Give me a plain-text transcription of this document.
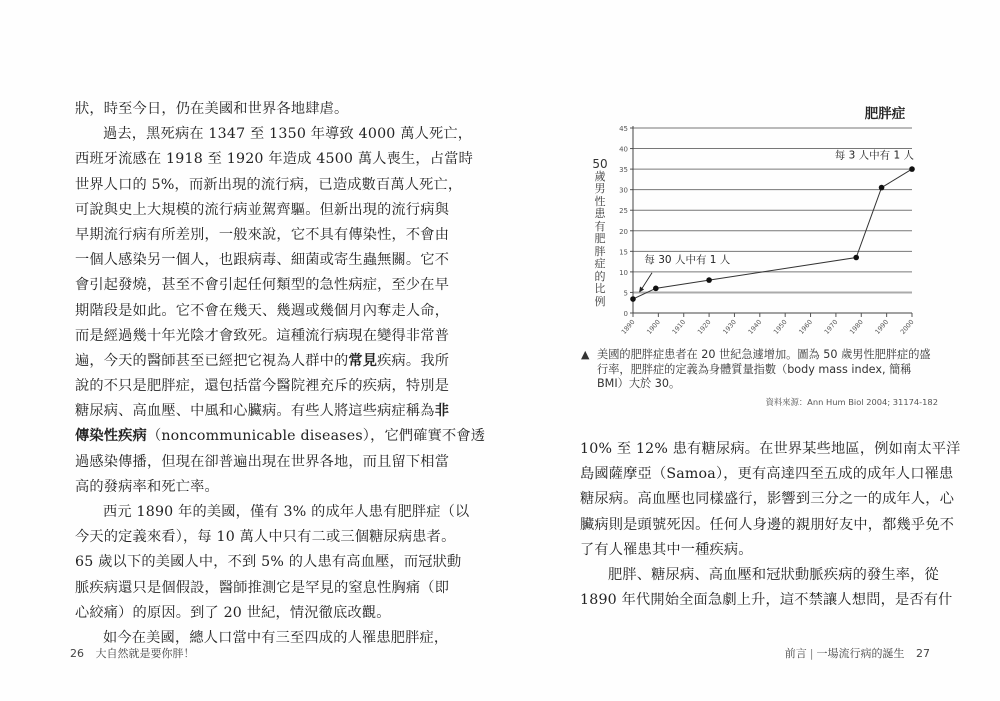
狀，時至今日，仍在美國和世界各地肆虐。
過去，黑死病在 1347 至 1350 年導致 4000 萬人死亡，
西班牙流感在 1918 至 1920 年造成 4500 萬人喪生，占當時
世界人口的 5%，而新出現的流行病，已造成數百萬人死亡，
可說與史上大規模的流行病並駕齊驅。但新出現的流行病與
早期流行病有所差別，一般來說，它不具有傳染性，不會由
一個人感染另一個人，也跟病毒、細菌或寄生蟲無關。它不
會引起發燒，甚至不會引起任何類型的急性病症，至少在早
期階段是如此。它不會在幾天、幾週或幾個月內奪走人命，
而是經過幾十年光陰才會致死。這種流行病現在變得非常普
遍，今天的醫師甚至已經把它視為人群中的常見疾病。我所
說的不只是肥胖症，還包括當今醫院裡充斥的疾病，特別是
糖尿病、高血壓、中風和心臟病。有些人將這些病症稱為非
傳染性疾病（noncommunicable diseases），它們確實不會透
過感染傳播，但現在卻普遍出現在世界各地，而且留下相當
高的發病率和死亡率。
西元 1890 年的美國，僅有 3% 的成年人患有肥胖症（以
今天的定義來看），每 10 萬人中只有二或三個糖尿病患者。
65 歲以下的美國人中，不到 5% 的人患有高血壓，而冠狀動
脈疾病還只是個假設，醫師推測它是罕見的窒息性胸痛（即
心絞痛）的原因。到了 20 世紀，情況徹底改觀。
如今在美國，總人口當中有三至四成的人罹患肥胖症，
26 大自然就是要你胖！
肥胖症
50
歲
男
性
患
有
肥
胖
症
的
比
例
0
5
10
15
20
25
30
35
40
45
1890 1900 1910 1920 1930 1940 1950 1960 1970 1980 1990 2000
每 30 人中有 1 人
每 3 人中有 1 人
▲ 美國的肥胖症患者在 20 世紀急遽增加。圖為 50 歲男性肥胖症的盛行率，肥胖症的定義為身體質量指數（body mass index, 簡稱 BMI）大於 30。
資料來源：Ann Hum Biol 2004; 31174-182
10% 至 12% 患有糖尿病。在世界某些地區，例如南太平洋
島國薩摩亞（Samoa），更有高達四至五成的成年人口罹患
糖尿病。高血壓也同樣盛行，影響到三分之一的成年人，心
臟病則是頭號死因。任何人身邊的親朋好友中，都幾乎免不
了有人罹患其中一種疾病。
肥胖、糖尿病、高血壓和冠狀動脈疾病的發生率，從
1890 年代開始全面急劇上升，這不禁讓人想問，是否有什
前言 | 一場流行病的誕生 27
